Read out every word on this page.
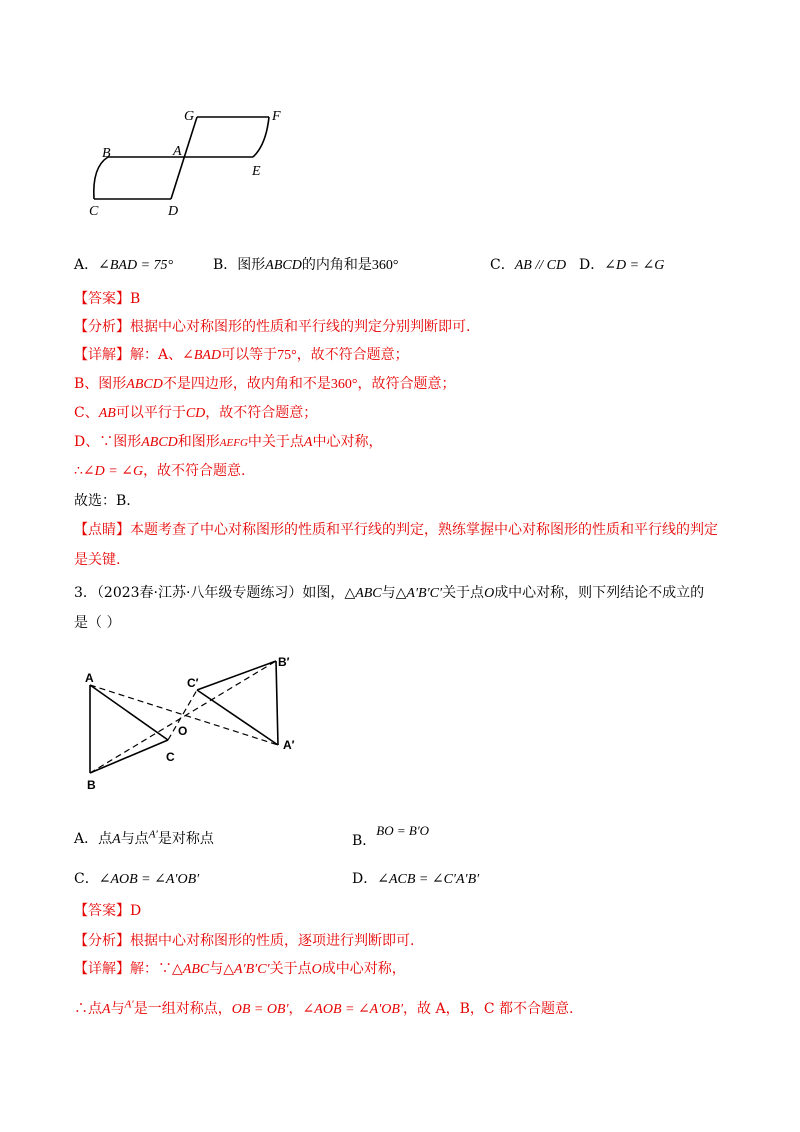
G	F
B	A
E
C	D
A．∠BAD = 75°	B．图形ABCD的内角和是360°	C．AB // CD D．∠D = ∠G
【答案】B
【分析】根据中心对称图形的性质和平行线的判定分别判断即可.
【详解】解：A、∠BAD可以等于75°，故不符合题意；
B、图形ABCD不是四边形，故内角和不是360°，故符合题意；
C、AB可以平行于CD，故不符合题意；
D、∵图形ABCD和图形AEFG中关于点A中心对称，
∴∠D = ∠G，故不符合题意.
故选：B.
【点睛】本题考查了中心对称图形的性质和平行线的判定，熟练掌握中心对称图形的性质和平行线的判定
是关键.
3．（2023春·江苏·八年级专题练习）如图，△ABC与△A′B′C′关于点O成中心对称，则下列结论不成立的
是（ ）
A
B
C
O
A′
B′
C′
A．点A与点$^{A'}$是对称点	B．BO = B′O
C．∠AOB = ∠A′OB′	D．∠ACB = ∠C′A′B′
【答案】D
【分析】根据中心对称图形的性质，逐项进行判断即可.
【详解】解：∵△ABC与△A′B′C′关于点O成中心对称，
∴点A与$^{A'}$是一组对称点，OB = OB′，∠AOB = ∠A′OB′，故 A，B，C 都不合题意.
